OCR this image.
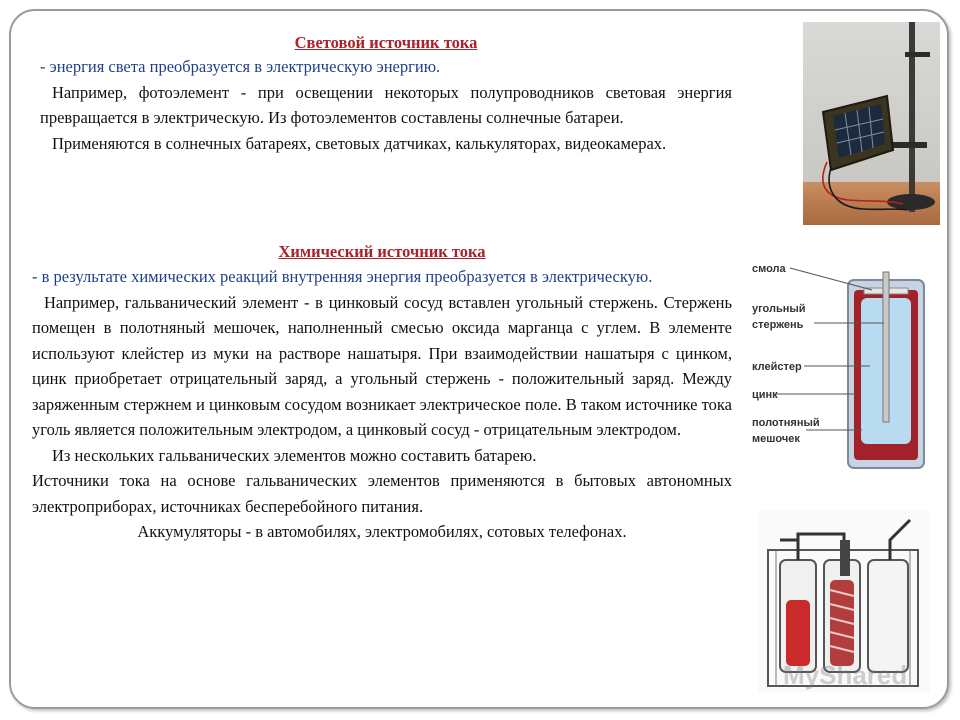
Световой источник тока

- энергия света преобразуется в электрическую энергию.

Например, фотоэлемент - при освещении некоторых полупроводников световая энергия превращается в электрическую. Из фотоэлементов составлены солнечные батареи.

Применяются в солнечных батареях, световых датчиках, калькуляторах, видеокамерах.

Химический источник тока

- в результате химических реакций внутренняя энергия преобразуется в электрическую.

Например, гальванический элемент - в цинковый сосуд вставлен угольный стержень. Стержень помещен в полотняный мешочек, наполненный смесью оксида марганца с углем. В элементе используют клейстер из муки на растворе нашатыря. При взаимодействии нашатыря с цинком, цинк приобретает отрицательный заряд, а угольный стержень - положительный заряд. Между заряженным стержнем и цинковым сосудом возникает электрическое поле. В таком источнике тока уголь является положительным электродом, а цинковый сосуд - отрицательным электродом.

Из нескольких гальванических элементов можно составить батарею.

Источники тока на основе гальванических элементов применяются в бытовых автономных электроприборах, источниках бесперебойного питания.

Аккумуляторы - в автомобилях, электромобилях, сотовых телефонах.

смола
угольный
стержень
клейстер
цинк
полотняный
мешочек
MyShared
